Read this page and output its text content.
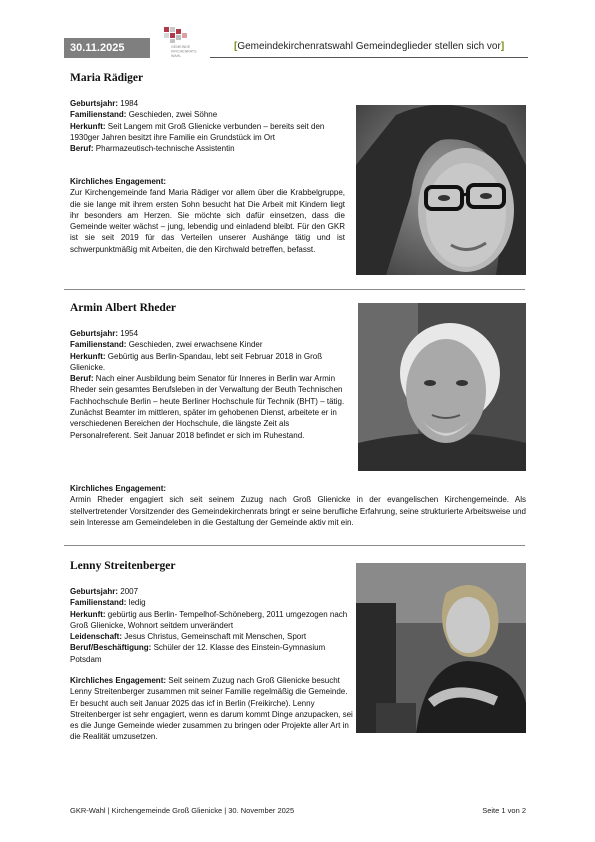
30.11.2025	GEMEINDE
KIRCHENRATS
WAHL
[Gemeindekirchenratswahl Gemeindeglieder stellen sich vor]
Maria Rädiger
Geburtsjahr: 1984
Familienstand: Geschieden, zwei Söhne
Herkunft: Seit Langem mit Groß Glienicke verbunden – bereits seit den 1930ger Jahren besitzt ihre Familie ein Grundstück im Ort
Beruf: Pharmazeutisch-technische Assistentin
Kirchliches Engagement:
Zur Kirchengemeinde fand Maria Rädiger vor allem über die Krabbelgruppe, die sie lange mit ihrem ersten Sohn besucht hat Die Arbeit mit Kindern liegt ihr besonders am Herzen. Sie möchte sich dafür einsetzen, dass die Gemeinde weiter wächst – jung, lebendig und einladend bleibt. Für den GKR ist sie seit 2019 für das Verteilen unserer Aushänge tätig und ist schwerpunktmäßig mit Arbeiten, die den Kirchwald betreffen, befasst.
Armin Albert Rheder
Geburtsjahr: 1954
Familienstand: Geschieden, zwei erwachsene Kinder
Herkunft: Gebürtig aus Berlin-Spandau, lebt seit Februar 2018 in Groß Glienicke.
Beruf: Nach einer Ausbildung beim Senator für Inneres in Berlin war Armin Rheder sein gesamtes Berufsleben in der Verwaltung der Beuth Technischen Fachhochschule Berlin – heute Berliner Hochschule für Technik (BHT) – tätig. Zunächst Beamter im mittleren, später im gehobenen Dienst, arbeitete er in verschiedenen Bereichen der Hochschule, die längste Zeit als Personalreferent. Seit Januar 2018 befindet er sich im Ruhestand.
Kirchliches Engagement:
Armin Rheder engagiert sich seit seinem Zuzug nach Groß Glienicke in der evangelischen Kirchengemeinde. Als stellvertretender Vorsitzender des Gemeindekirchenrats bringt er seine berufliche Erfahrung, seine strukturierte Arbeitsweise und sein Interesse am Gemeindeleben in die Gestaltung der Gemeinde aktiv mit ein.
Lenny Streitenberger
Geburtsjahr: 2007
Familienstand: ledig
Herkunft: gebürtig aus Berlin- Tempelhof-Schöneberg, 2011 umgezogen nach Groß Glienicke, Wohnort seitdem unverändert
Leidenschaft: Jesus Christus, Gemeinschaft mit Menschen, Sport
Beruf/Beschäftigung: Schüler der 12. Klasse des Einstein-Gymnasium Potsdam
Kirchliches Engagement: Seit seinem Zuzug nach Groß Glienicke besucht Lenny Streitenberger zusammen mit seiner Familie regelmäßig die Gemeinde. Er besucht auch seit Januar 2025 das icf in Berlin (Freikirche). Lenny Streitenberger ist sehr engagiert, wenn es darum kommt Dinge anzupacken, sei es die Junge Gemeinde wieder zusammen zu bringen oder Projekte aller Art in die Realität umzusetzen.
GKR-Wahl | Kirchengemeinde Groß Glienicke | 30. November 2025	Seite 1 von 2
